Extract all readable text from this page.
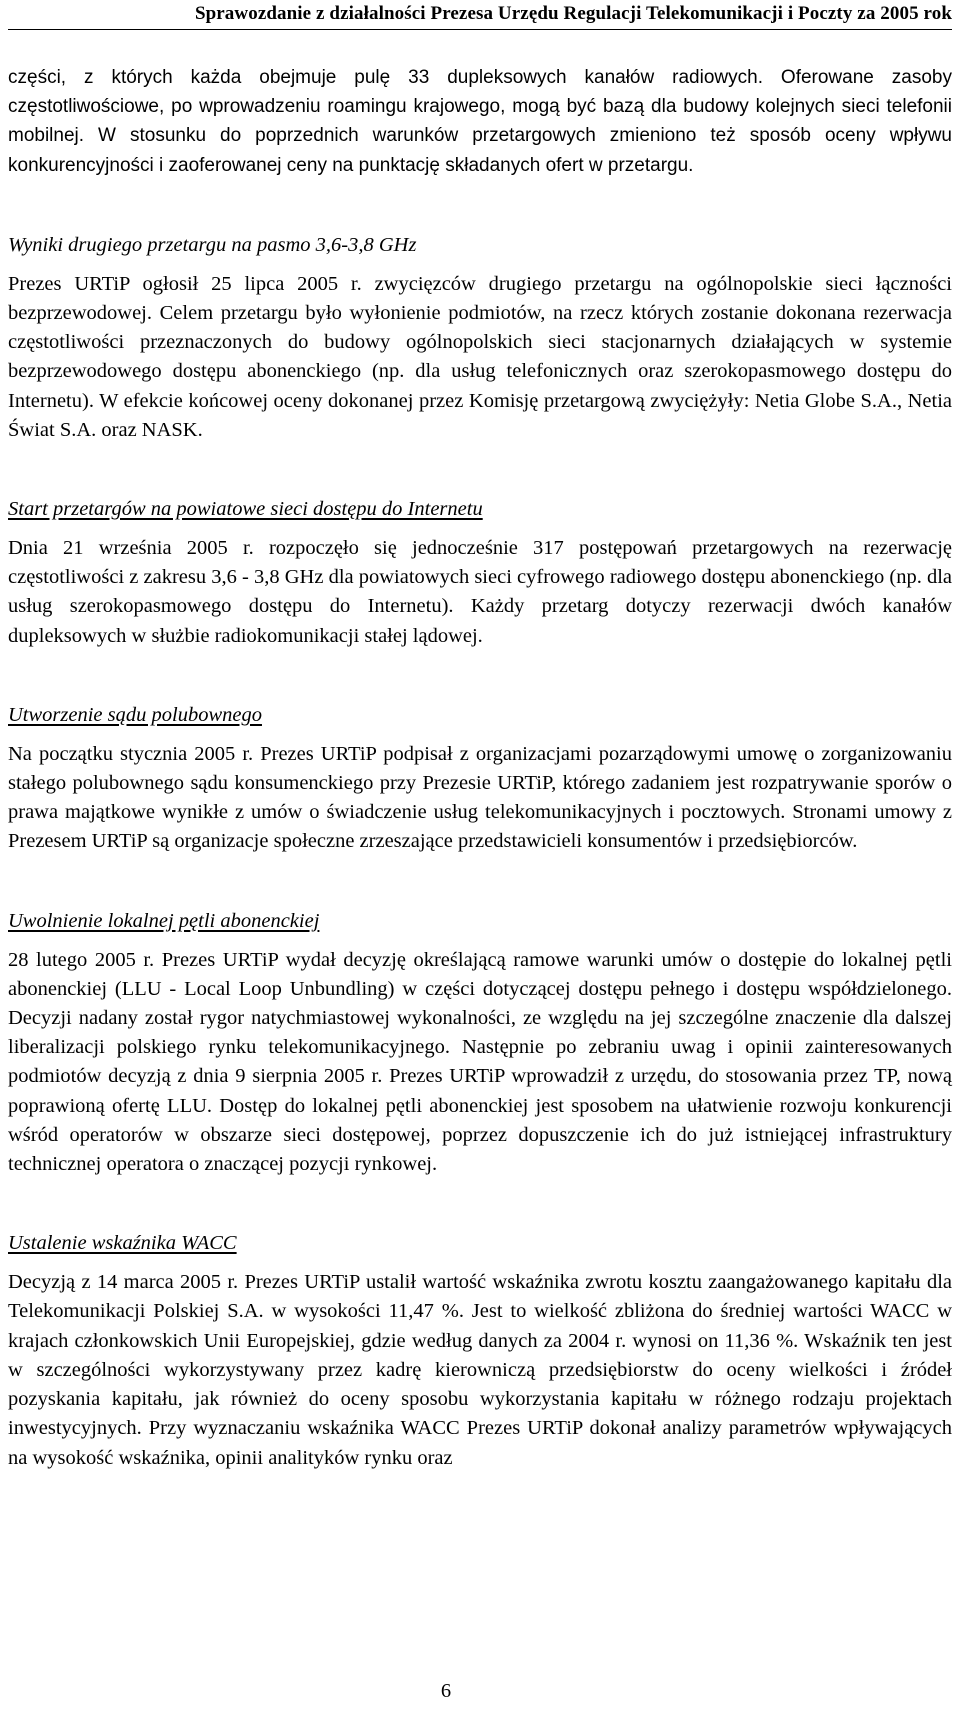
Sprawozdanie z działalności Prezesa Urzędu Regulacji Telekomunikacji i Poczty za 2005 rok

części, z których każda obejmuje pulę 33 dupleksowych kanałów radiowych. Oferowane zasoby częstotliwościowe, po wprowadzeniu roamingu krajowego, mogą być bazą dla budowy kolejnych sieci telefonii mobilnej. W stosunku do poprzednich warunków przetargowych zmieniono też sposób oceny wpływu konkurencyjności i zaoferowanej ceny na punktację składanych ofert w przetargu.

Wyniki drugiego przetargu na pasmo 3,6-3,8 GHz

Prezes URTiP ogłosił 25 lipca 2005 r. zwycięzców drugiego przetargu na ogólnopolskie sieci łączności bezprzewodowej. Celem przetargu było wyłonienie podmiotów, na rzecz których zostanie dokonana rezerwacja częstotliwości przeznaczonych do budowy ogólnopolskich sieci stacjonarnych działających w systemie bezprzewodowego dostępu abonenckiego (np. dla usług telefonicznych oraz szerokopasmowego dostępu do Internetu). W efekcie końcowej oceny dokonanej przez Komisję przetargową zwyciężyły: Netia Globe S.A., Netia Świat S.A. oraz NASK.

Start przetargów na powiatowe sieci dostępu do Internetu

Dnia 21 września 2005 r. rozpoczęło się jednocześnie 317 postępowań przetargowych na rezerwację częstotliwości z zakresu 3,6 - 3,8 GHz dla powiatowych sieci cyfrowego radiowego dostępu abonenckiego (np. dla usług szerokopasmowego dostępu do Internetu). Każdy przetarg dotyczy rezerwacji dwóch kanałów dupleksowych w służbie radiokomunikacji stałej lądowej.

Utworzenie sądu polubownego

Na początku stycznia 2005 r. Prezes URTiP podpisał z organizacjami pozarządowymi umowę o zorganizowaniu stałego polubownego sądu konsumenckiego przy Prezesie URTiP, którego zadaniem jest rozpatrywanie sporów o prawa majątkowe wynikłe z umów o świadczenie usług telekomunikacyjnych i pocztowych. Stronami umowy z Prezesem URTiP są organizacje społeczne zrzeszające przedstawicieli konsumentów i przedsiębiorców.

Uwolnienie lokalnej pętli abonenckiej

28 lutego 2005 r. Prezes URTiP wydał decyzję określającą ramowe warunki umów o dostępie do lokalnej pętli abonenckiej (LLU - Local Loop Unbundling) w części dotyczącej dostępu pełnego i dostępu współdzielonego. Decyzji nadany został rygor natychmiastowej wykonalności, ze względu na jej szczególne znaczenie dla dalszej liberalizacji polskiego rynku telekomunikacyjnego. Następnie po zebraniu uwag i opinii zainteresowanych podmiotów decyzją z dnia 9 sierpnia 2005 r. Prezes URTiP wprowadził z urzędu, do stosowania przez TP, nową poprawioną ofertę LLU. Dostęp do lokalnej pętli abonenckiej jest sposobem na ułatwienie rozwoju konkurencji wśród operatorów w obszarze sieci dostępowej, poprzez dopuszczenie ich do już istniejącej infrastruktury technicznej operatora o znaczącej pozycji rynkowej.

Ustalenie wskaźnika WACC

Decyzją z 14 marca 2005 r. Prezes URTiP ustalił wartość wskaźnika zwrotu kosztu zaangażowanego kapitału dla Telekomunikacji Polskiej S.A. w wysokości 11,47 %. Jest to wielkość zbliżona do średniej wartości WACC w krajach członkowskich Unii Europejskiej, gdzie według danych za 2004 r. wynosi on 11,36 %. Wskaźnik ten jest w szczególności wykorzystywany przez kadrę kierowniczą przedsiębiorstw do oceny wielkości i źródeł pozyskania kapitału, jak również do oceny sposobu wykorzystania kapitału w różnego rodzaju projektach inwestycyjnych. Przy wyznaczaniu wskaźnika WACC Prezes URTiP dokonał analizy parametrów wpływających na wysokość wskaźnika, opinii analityków rynku oraz

6
